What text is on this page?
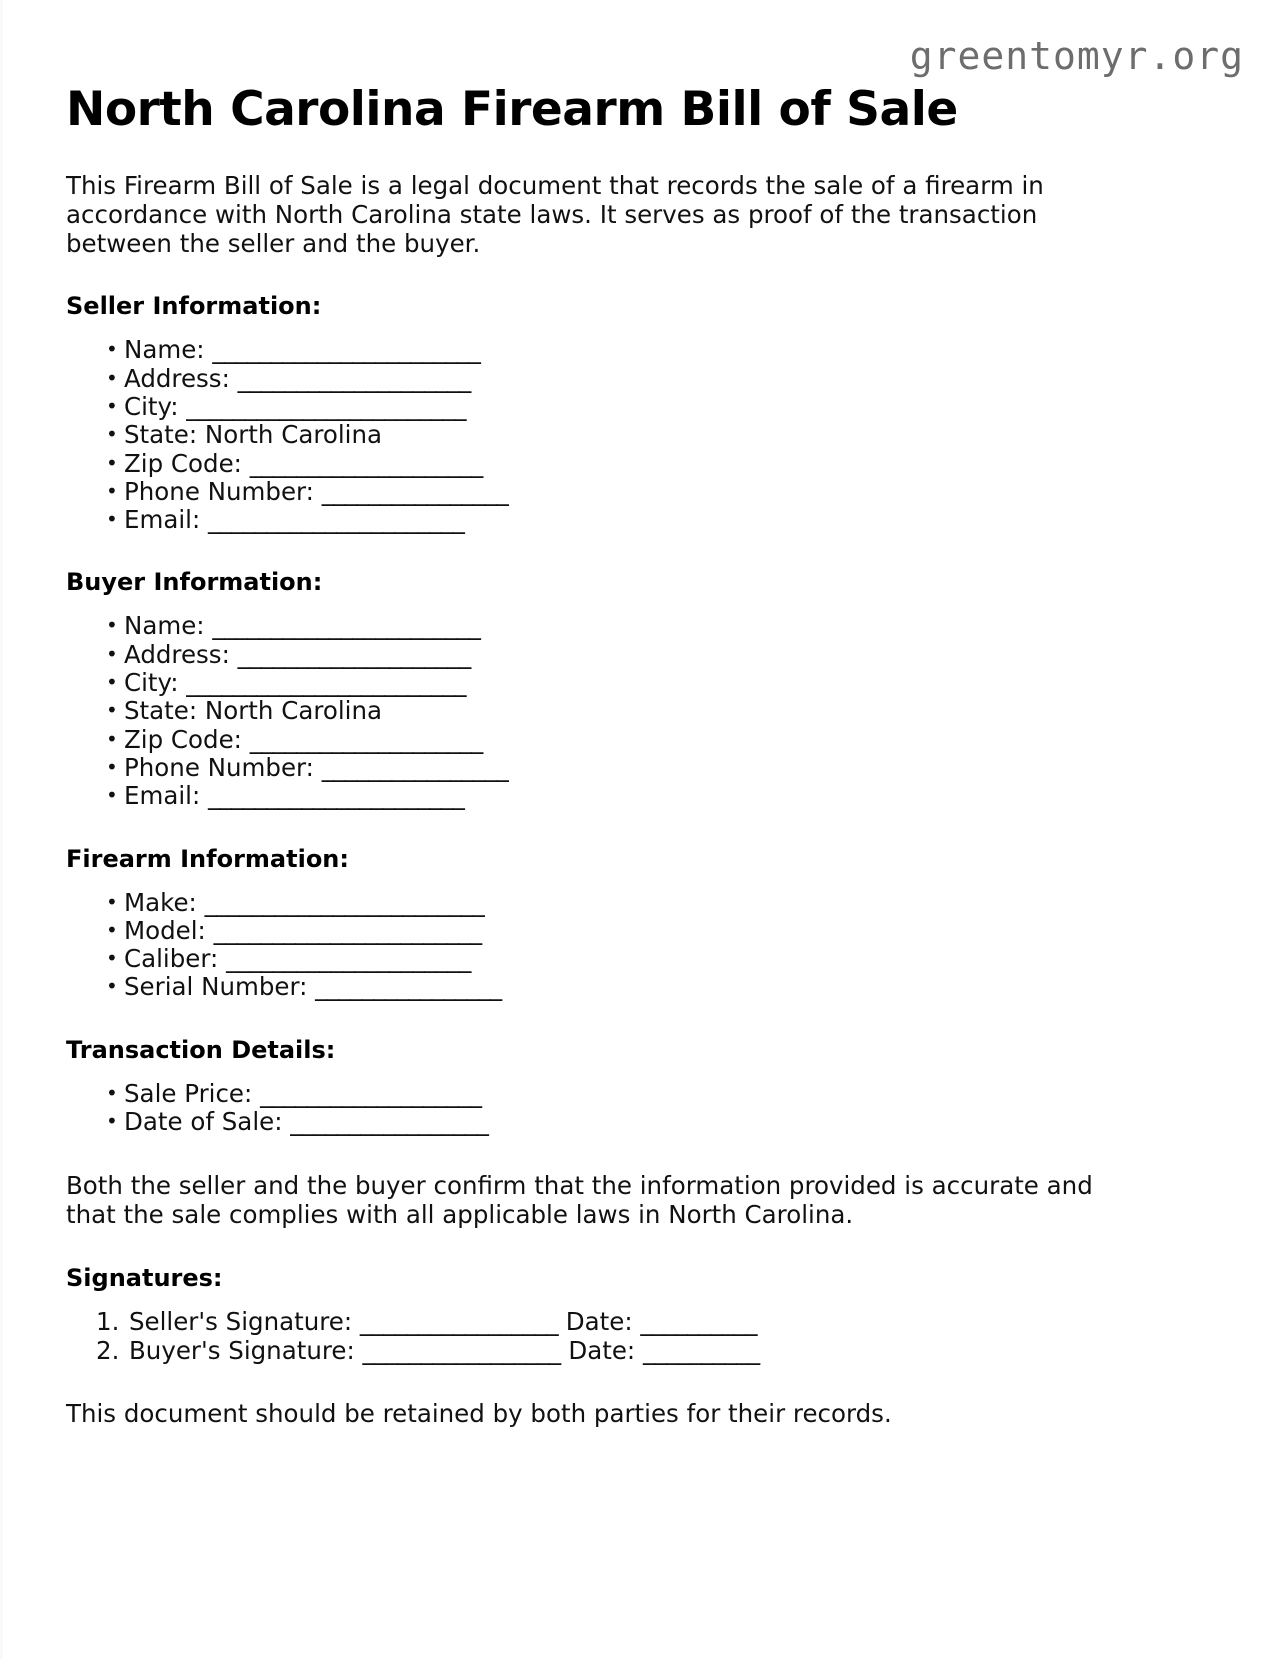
greentomyr.org
North Carolina Firearm Bill of Sale

This Firearm Bill of Sale is a legal document that records the sale of a firearm in accordance with North Carolina state laws. It serves as proof of the transaction between the seller and the buyer.

Seller Information:
• Name: _______________________
• Address: ____________________
• City: ________________________
• State: North Carolina
• Zip Code: ____________________
• Phone Number: ________________
• Email: ______________________
Buyer Information:
• Name: _______________________
• Address: ____________________
• City: ________________________
• State: North Carolina
• Zip Code: ____________________
• Phone Number: ________________
• Email: ______________________
Firearm Information:
• Make: ________________________
• Model: _______________________
• Caliber: _____________________
• Serial Number: ________________
Transaction Details:
• Sale Price: ___________________
• Date of Sale: _________________

Both the seller and the buyer confirm that the information provided is accurate and that the sale complies with all applicable laws in North Carolina.

Signatures:
Seller's Signature: _________________ Date: __________
Buyer's Signature: _________________ Date: __________

This document should be retained by both parties for their records.
